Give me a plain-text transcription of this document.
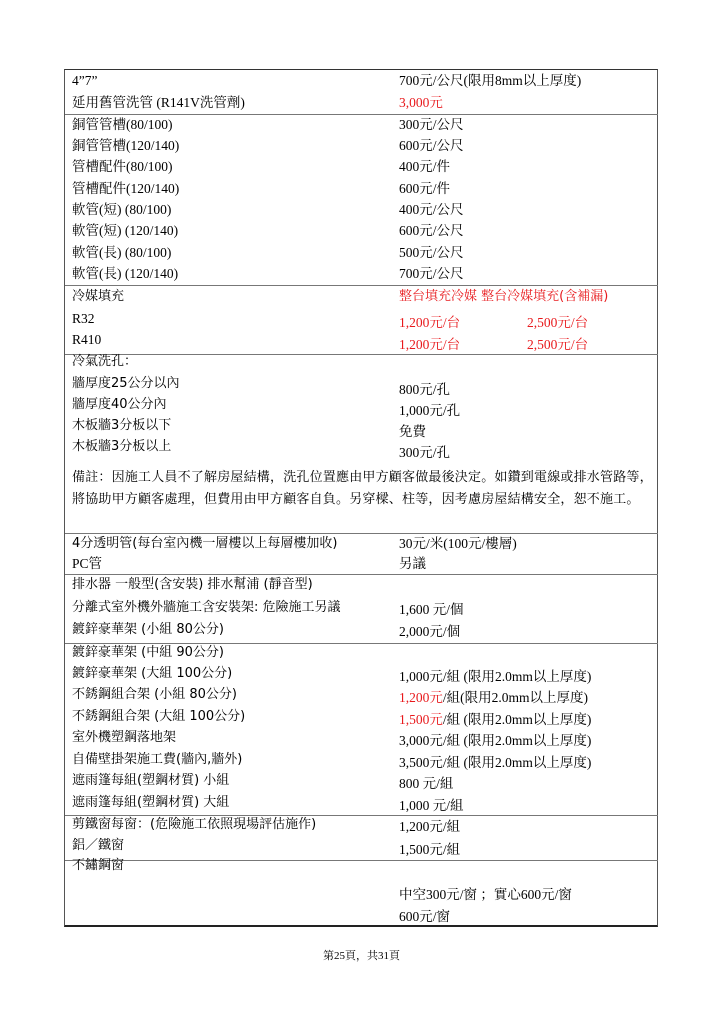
4”7”	700元/公尺(限用8mm以上厚度)
延用舊管洗管 (R141V洗管劑)	3,000元
銅管管槽(80/100)	300元/公尺
銅管管槽(120/140)	600元/公尺
管槽配件(80/100)	400元/件
管槽配件(120/140)	600元/件
軟管(短) (80/100)	400元/公尺
軟管(短) (120/140)	600元/公尺
軟管(長) (80/100)	500元/公尺
軟管(長) (120/140)	700元/公尺
冷媒填充	整台填充冷媒 整台冷媒填充(含補漏)
R32	1,200元/台	2,500元/台
R410	1,200元/台	2,500元/台
冷氣洗孔：
牆厚度25公分以內	800元/孔
牆厚度40公分內	1,000元/孔
木板牆3分板以下	免費
木板牆3分板以上	300元/孔
備註：因施工人員不了解房屋結構，洗孔位置應由甲方顧客做最後決定。如鑽到電線或排水管路等，將協助甲方顧客處理，但費用由甲方顧客自負。另穿樑、柱等，因考慮房屋結構安全，恕不施工。
4分透明管(每台室內機一層樓以上每層樓加收)	30元/米(100元/樓層)
PC管	另議
排水器 一般型(含安裝) 排水幫浦 (靜音型)
分離式室外機外牆施工含安裝架: 危險施工另議	1,600 元/個
鍍鋅豪華架 (小組 80公分)	2,000元/個
鍍鋅豪華架 (中組 90公分)
鍍鋅豪華架 (大組 100公分)	1,000元/組 (限用2.0mm以上厚度)
不銹鋼組合架 (小組 80公分)	1,200元/組(限用2.0mm以上厚度)
不銹鋼組合架 (大組 100公分)	1,500元/組 (限用2.0mm以上厚度)
室外機塑鋼落地架	3,000元/組 (限用2.0mm以上厚度)
自備壁掛架施工費(牆內,牆外)	3,500元/組 (限用2.0mm以上厚度)
遮雨篷每組(塑鋼材質) 小組	800 元/組
遮雨篷每組(塑鋼材質) 大組	1,000 元/組
剪鐵窗每窗：(危險施工依照現場評估施作)	1,200元/組
鋁／鐵窗	1,500元/組
不鏽鋼窗
中空300元/窗 ；實心600元/窗
600元/窗
第25頁，共31頁
